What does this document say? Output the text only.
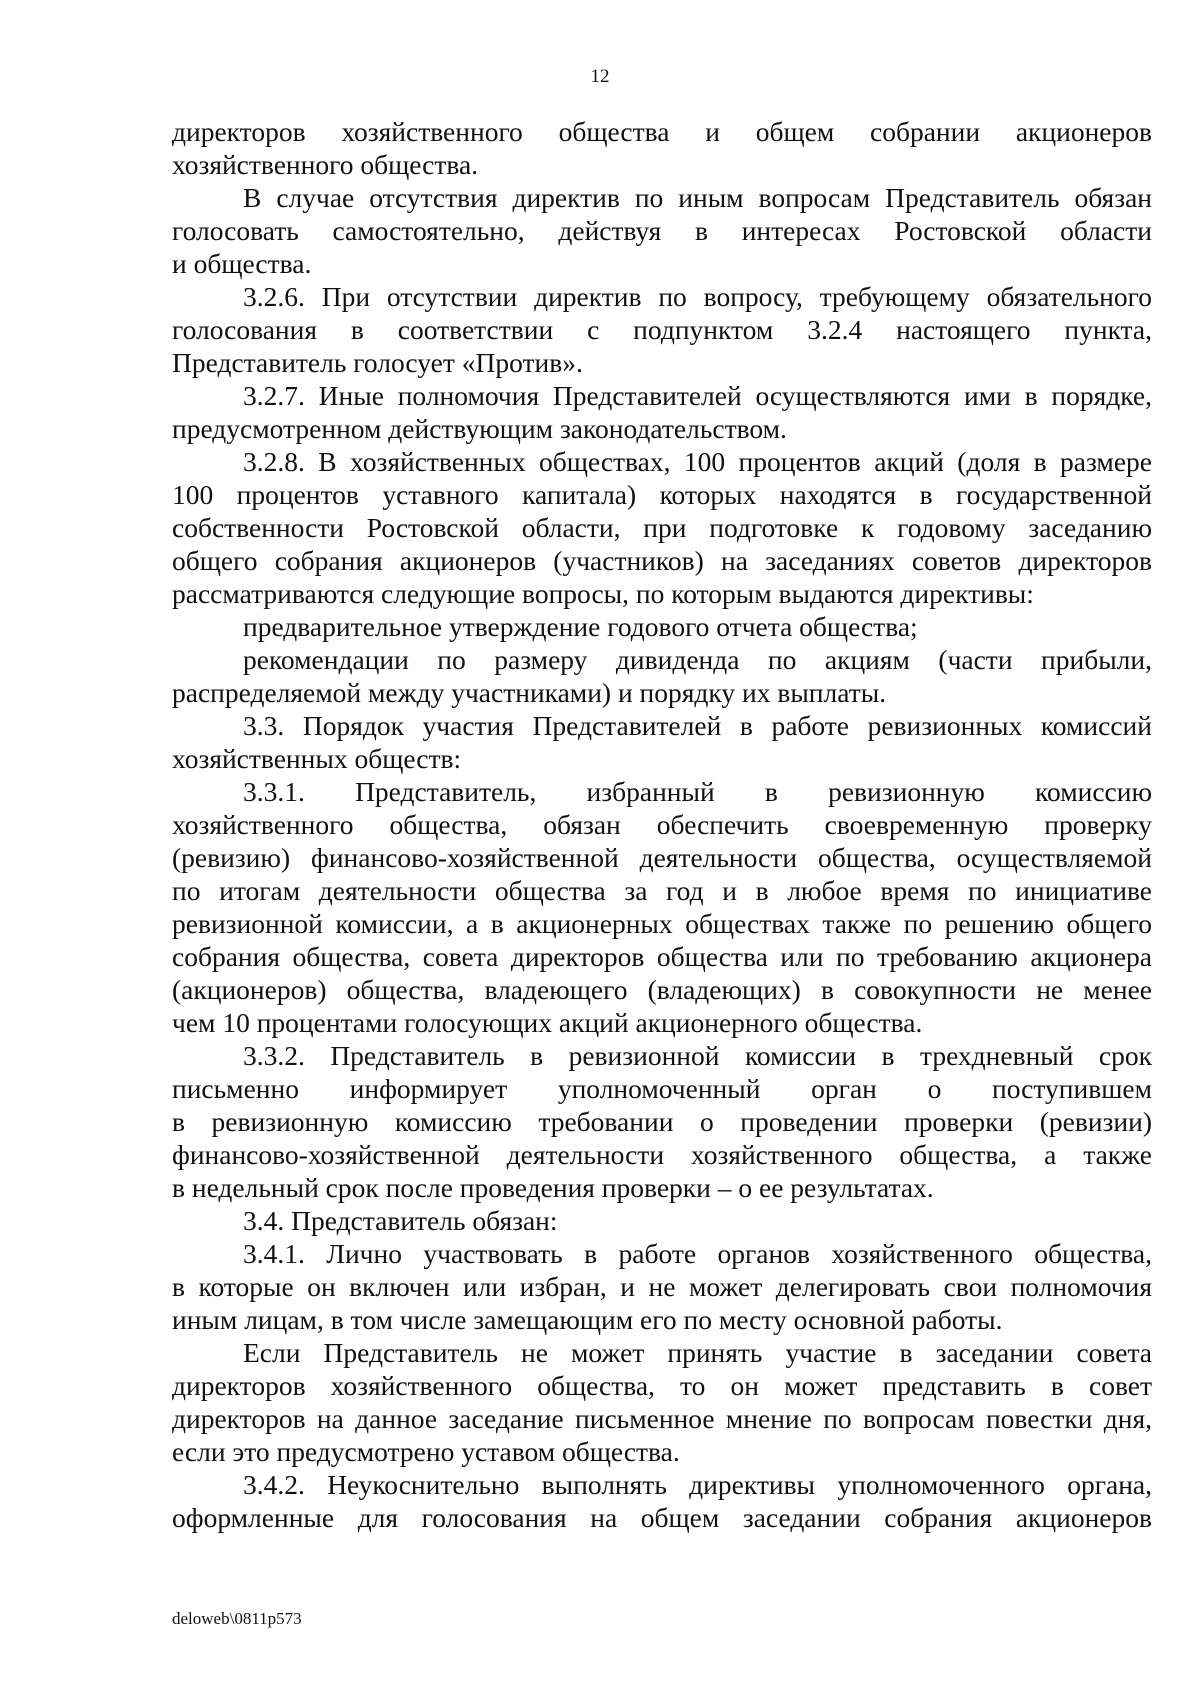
12
директоров хозяйственного общества и общем собрании акционеров
хозяйственного общества.
В случае отсутствия директив по иным вопросам Представитель обязан
голосовать самостоятельно, действуя в интересах Ростовской области
и общества.
3.2.6. При отсутствии директив по вопросу, требующему обязательного
голосования в соответствии с подпунктом 3.2.4 настоящего пункта,
Представитель голосует «Против».
3.2.7. Иные полномочия Представителей осуществляются ими в порядке,
предусмотренном действующим законодательством.
3.2.8. В хозяйственных обществах, 100 процентов акций (доля в размере
100 процентов уставного капитала) которых находятся в государственной
собственности Ростовской области, при подготовке к годовому заседанию
общего собрания акционеров (участников) на заседаниях советов директоров
рассматриваются следующие вопросы, по которым выдаются директивы:
предварительное утверждение годового отчета общества;
рекомендации по размеру дивиденда по акциям (части прибыли,
распределяемой между участниками) и порядку их выплаты.
3.3. Порядок участия Представителей в работе ревизионных комиссий
хозяйственных обществ:
3.3.1. Представитель, избранный в ревизионную комиссию
хозяйственного общества, обязан обеспечить своевременную проверку
(ревизию) финансово-хозяйственной деятельности общества, осуществляемой
по итогам деятельности общества за год и в любое время по инициативе
ревизионной комиссии, а в акционерных обществах также по решению общего
собрания общества, совета директоров общества или по требованию акционера
(акционеров) общества, владеющего (владеющих) в совокупности не менее
чем 10 процентами голосующих акций акционерного общества.
3.3.2. Представитель в ревизионной комиссии в трехдневный срок
письменно информирует уполномоченный орган о поступившем
в ревизионную комиссию требовании о проведении проверки (ревизии)
финансово-хозяйственной деятельности хозяйственного общества, а также
в недельный срок после проведения проверки – о ее результатах.
3.4. Представитель обязан:
3.4.1. Лично участвовать в работе органов хозяйственного общества,
в которые он включен или избран, и не может делегировать свои полномочия
иным лицам, в том числе замещающим его по месту основной работы.
Если Представитель не может принять участие в заседании совета
директоров хозяйственного общества, то он может представить в совет
директоров на данное заседание письменное мнение по вопросам повестки дня,
если это предусмотрено уставом общества.
3.4.2. Неукоснительно выполнять директивы уполномоченного органа,
оформленные для голосования на общем заседании собрания акционеров
deloweb\0811p573
